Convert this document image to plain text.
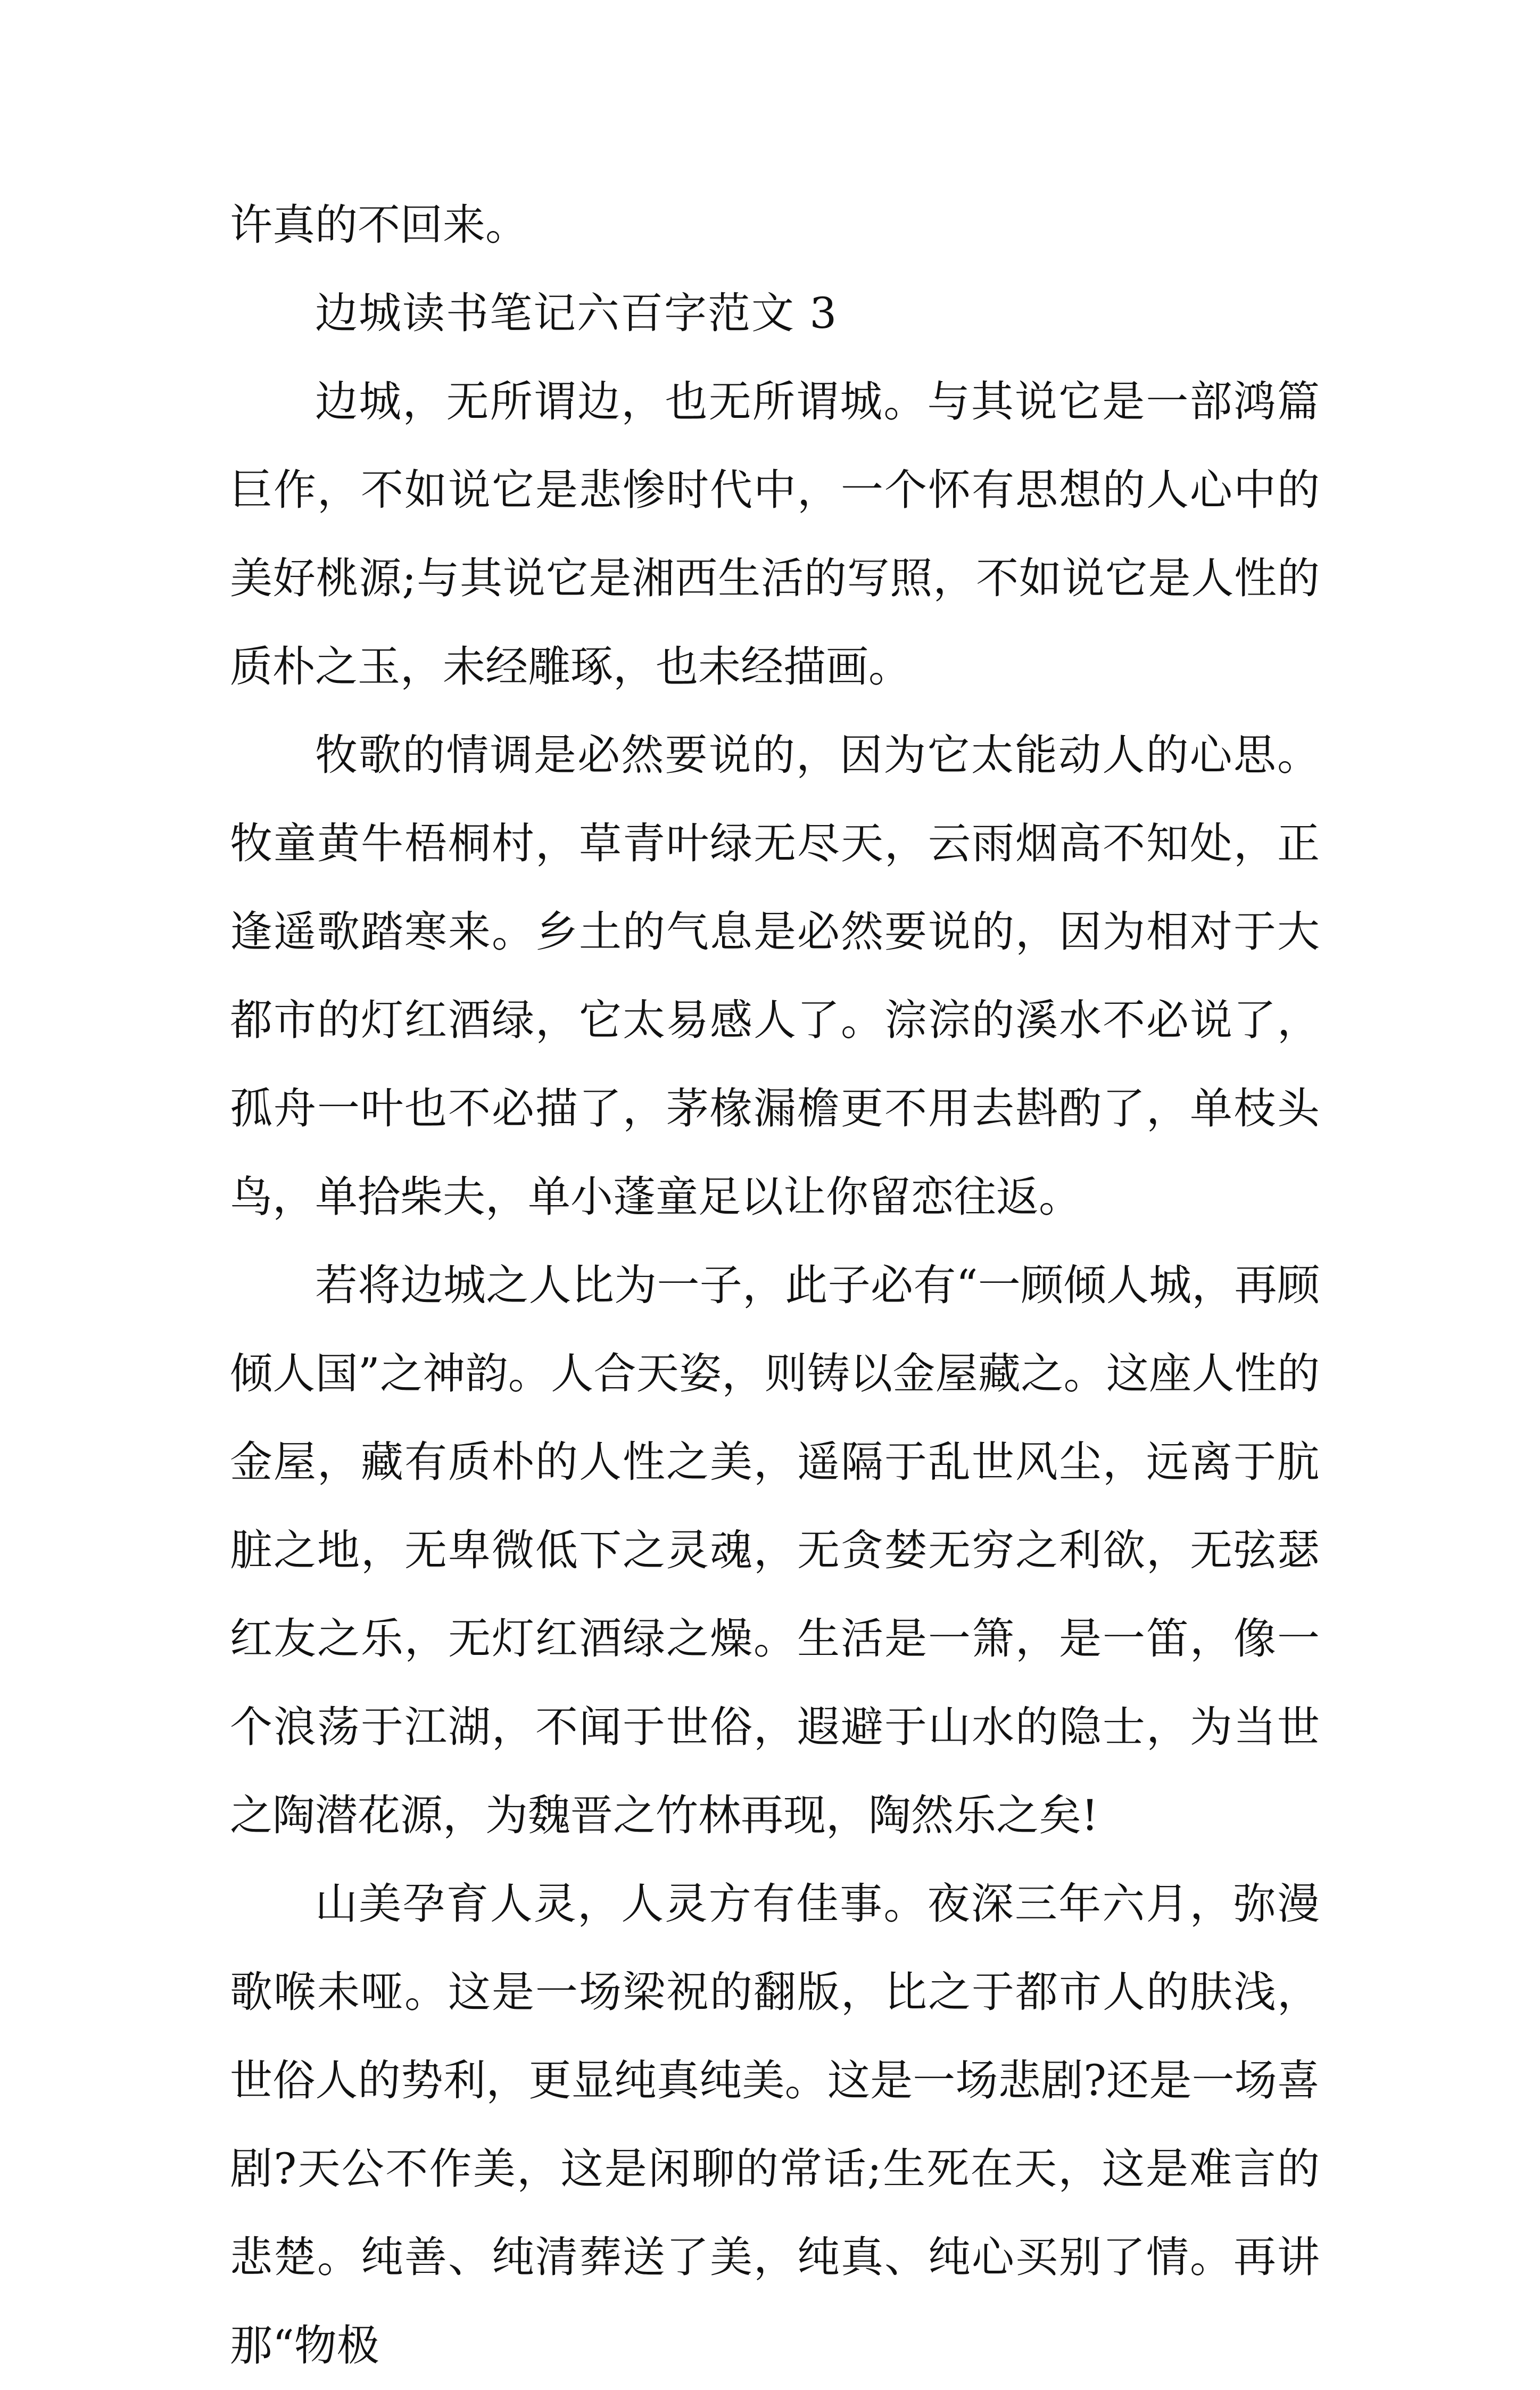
许真的不回来。

边城读书笔记六百字范文 3

边城，无所谓边，也无所谓城。与其说它是一部鸿篇巨作，不如说它是悲惨时代中，一个怀有思想的人心中的美好桃源;与其说它是湘西生活的写照，不如说它是人性的质朴之玉，未经雕琢，也未经描画。

牧歌的情调是必然要说的，因为它太能动人的心思。牧童黄牛梧桐村，草青叶绿无尽天，云雨烟高不知处，正逢遥歌踏寒来。乡土的气息是必然要说的，因为相对于大都市的灯红酒绿，它太易感人了。淙淙的溪水不必说了，孤舟一叶也不必描了，茅椽漏檐更不用去斟酌了，单枝头鸟，单拾柴夫，单小蓬童足以让你留恋往返。

若将边城之人比为一子，此子必有“一顾倾人城，再顾倾人国”之神韵。人合天姿，则铸以金屋藏之。这座人性的金屋，藏有质朴的人性之美，遥隔于乱世风尘，远离于肮脏之地，无卑微低下之灵魂，无贪婪无穷之利欲，无弦瑟红友之乐，无灯红酒绿之燥。生活是一箫，是一笛，像一个浪荡于江湖，不闻于世俗，遐避于山水的隐士，为当世之陶潜花源，为魏晋之竹林再现，陶然乐之矣!

山美孕育人灵，人灵方有佳事。夜深三年六月，弥漫歌喉未哑。这是一场梁祝的翻版，比之于都市人的肤浅，世俗人的势利，更显纯真纯美。这是一场悲剧?还是一场喜剧?天公不作美，这是闲聊的常话;生死在天，这是难言的悲楚。纯善、纯清葬送了美，纯真、纯心买别了情。再讲那“物极
